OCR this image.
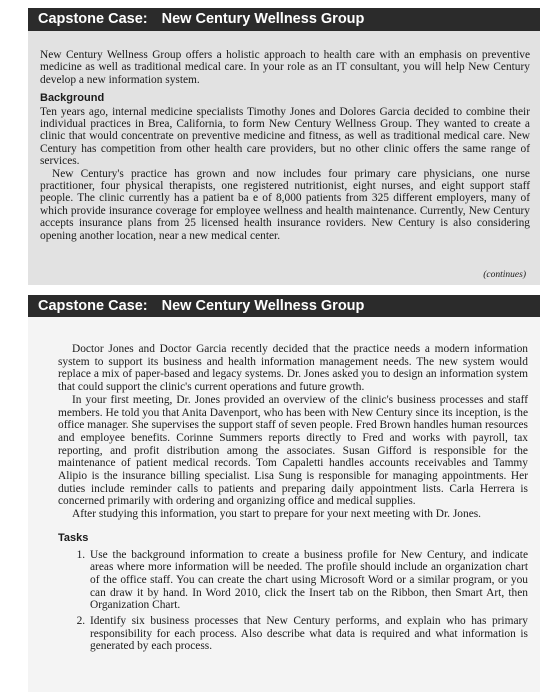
Capstone Case: New Century Wellness Group

New Century Wellness Group offers a holistic approach to health care with an emphasis on preventive medicine as well as traditional medical care. In your role as an IT consultant, you will help New Century develop a new information system.

Background

Ten years ago, internal medicine specialists Timothy Jones and Dolores Garcia decided to combine their individual practices in Brea, California, to form New Century Wellness Group. They wanted to create a clinic that would concentrate on preventive medicine and fitness, as well as traditional medical care. New Century has competition from other health care providers, but no other clinic offers the same range of services.

New Century's practice has grown and now includes four primary care physicians, one nurse practitioner, four physical therapists, one registered nutritionist, eight nurses, and eight support staff people. The clinic currently has a patient ba e of 8,000 patients from 325 different employers, many of which provide insurance coverage for employee wellness and health maintenance. Currently, New Century accepts insurance plans from 25 licensed health insurance roviders. New Century is also considering opening another location, near a new medical center.

(continues)
Capstone Case: New Century Wellness Group

Doctor Jones and Doctor Garcia recently decided that the practice needs a modern information system to support its business and health information management needs. The new system would replace a mix of paper-based and legacy systems. Dr. Jones asked you to design an information system that could support the clinic's current operations and future growth.

In your first meeting, Dr. Jones provided an overview of the clinic's business processes and staff members. He told you that Anita Davenport, who has been with New Century since its inception, is the office manager. She supervises the support staff of seven people. Fred Brown handles human resources and employee benefits. Corinne Summers reports directly to Fred and works with payroll, tax reporting, and profit distribution among the associates. Susan Gifford is responsible for the maintenance of patient medical records. Tom Capaletti handles accounts receivables and Tammy Alipio is the insurance billing specialist. Lisa Sung is responsible for managing appointments. Her duties include reminder calls to patients and preparing daily appointment lists. Carla Herrera is concerned primarily with ordering and organizing office and medical supplies.

After studying this information, you start to prepare for your next meeting with Dr. Jones.

Tasks
1. Use the background information to create a business profile for New Century, and indicate areas where more information will be needed. The profile should include an organization chart of the office staff. You can create the chart using Microsoft Word or a similar program, or you can draw it by hand. In Word 2010, click the Insert tab on the Ribbon, then Smart Art, then Organization Chart.
2. Identify six business processes that New Century performs, and explain who has primary responsibility for each process. Also describe what data is required and what information is generated by each process.
